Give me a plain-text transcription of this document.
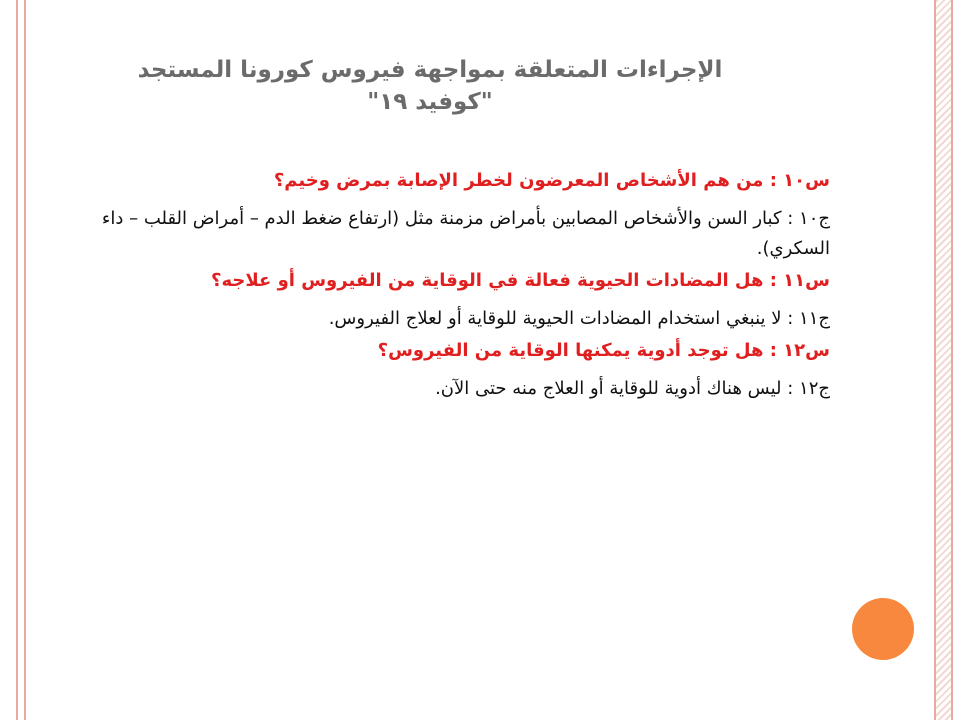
الإجراءات المتعلقة بمواجهة فيروس كورونا المستجد
"كوفيد ١٩"

س١٠ : من هم الأشخاص المعرضون لخطر الإصابة بمرض وخيم؟

ج١٠ : كبار السن والأشخاص المصابين بأمراض مزمنة مثل (ارتفاع ضغط الدم – أمراض القلب – داء السكري).

س١١ : هل المضادات الحيوية فعالة في الوقاية من الفيروس أو علاجه؟

ج١١ : لا ينبغي استخدام المضادات الحيوية للوقاية أو لعلاج الفيروس.

س١٢ : هل توجد أدوية يمكنها الوقاية من الفيروس؟

ج١٢ : ليس هناك أدوية للوقاية أو العلاج منه حتى الآن.
